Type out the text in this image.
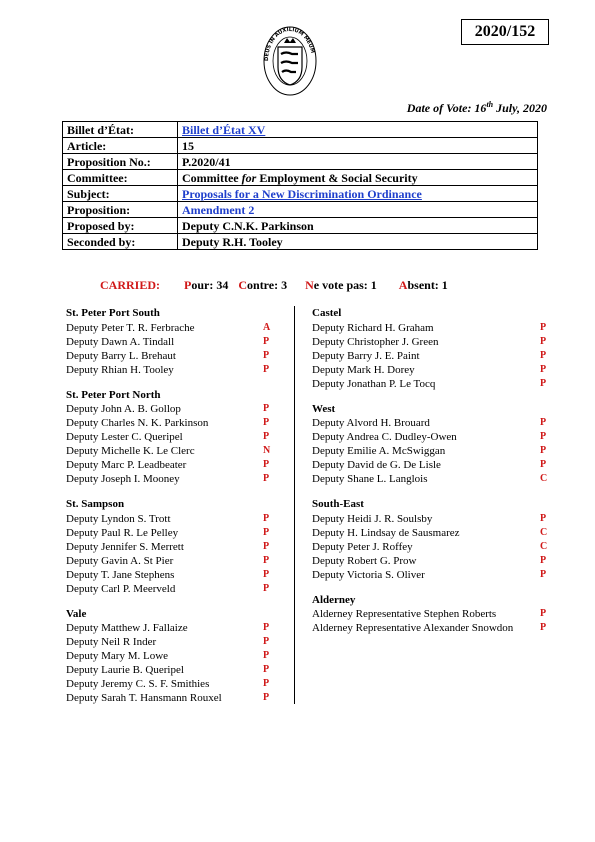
2020/152
DEUS IN AUXILIUM MEUM
Date of Vote: 16th July, 2020
Billet d’État:	Billet d’État XV
Article:	15
Proposition No.:	P.2020/41
Committee:	Committee for Employment & Social Security
Subject:	Proposals for a New Discrimination Ordinance
Proposition:	Amendment 2
Proposed by:	Deputy C.N.K. Parkinson
Seconded by:	Deputy R.H. Tooley
CARRIED: Pour: 34 Contre: 3 Ne vote pas: 1 Absent: 1
St. Peter Port South
Deputy Peter T. R. Ferbrache	A
Deputy Dawn A. Tindall	P
Deputy Barry L. Brehaut	P
Deputy Rhian H. Tooley	P
St. Peter Port North
Deputy John A. B. Gollop	P
Deputy Charles N. K. Parkinson	P
Deputy Lester C. Queripel	P
Deputy Michelle K. Le Clerc	N
Deputy Marc P. Leadbeater	P
Deputy Joseph I. Mooney	P
St. Sampson
Deputy Lyndon S. Trott	P
Deputy Paul R. Le Pelley	P
Deputy Jennifer S. Merrett	P
Deputy Gavin A. St Pier	P
Deputy T. Jane Stephens	P
Deputy Carl P. Meerveld	P
Vale
Deputy Matthew J. Fallaize	P
Deputy Neil R Inder	P
Deputy Mary M. Lowe	P
Deputy Laurie B. Queripel	P
Deputy Jeremy C. S. F. Smithies	P
Deputy Sarah T. Hansmann Rouxel	P
Castel
Deputy Richard H. Graham	P
Deputy Christopher J. Green	P
Deputy Barry J. E. Paint	P
Deputy Mark H. Dorey	P
Deputy Jonathan P. Le Tocq	P
West
Deputy Alvord H. Brouard	P
Deputy Andrea C. Dudley-Owen	P
Deputy Emilie A. McSwiggan	P
Deputy David de G. De Lisle	P
Deputy Shane L. Langlois	C
South-East
Deputy Heidi J. R. Soulsby	P
Deputy H. Lindsay de Sausmarez	C
Deputy Peter J. Roffey	C
Deputy Robert G. Prow	P
Deputy Victoria S. Oliver	P
Alderney
Alderney Representative Stephen Roberts	P
Alderney Representative Alexander Snowdon	P
